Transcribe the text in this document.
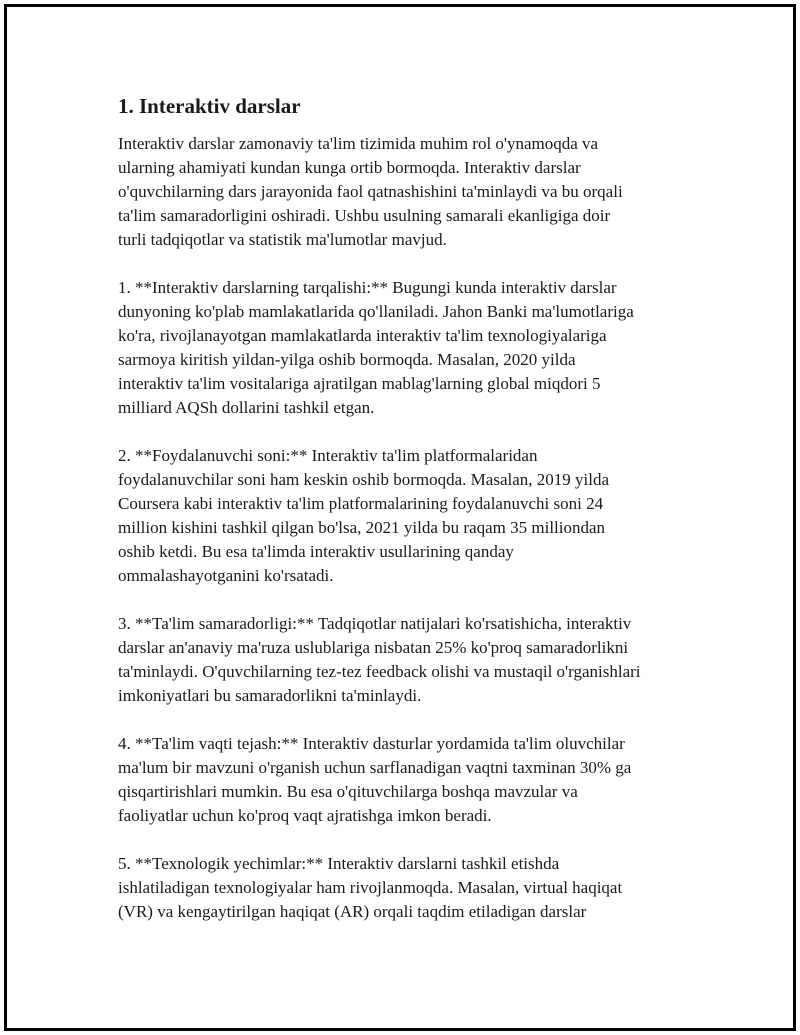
1. Interaktiv darslar

Interaktiv darslar zamonaviy ta'lim tizimida muhim rol o'ynamoqda va
ularning ahamiyati kundan kunga ortib bormoqda. Interaktiv darslar
o'quvchilarning dars jarayonida faol qatnashishini ta'minlaydi va bu orqali
ta'lim samaradorligini oshiradi. Ushbu usulning samarali ekanligiga doir
turli tadqiqotlar va statistik ma'lumotlar mavjud.

1. **Interaktiv darslarning tarqalishi:** Bugungi kunda interaktiv darslar
dunyoning ko'plab mamlakatlarida qo'llaniladi. Jahon Banki ma'lumotlariga
ko'ra, rivojlanayotgan mamlakatlarda interaktiv ta'lim texnologiyalariga
sarmoya kiritish yildan-yilga oshib bormoqda. Masalan, 2020 yilda
interaktiv ta'lim vositalariga ajratilgan mablag'larning global miqdori 5
milliard AQSh dollarini tashkil etgan.

2. **Foydalanuvchi soni:** Interaktiv ta'lim platformalaridan
foydalanuvchilar soni ham keskin oshib bormoqda. Masalan, 2019 yilda
Coursera kabi interaktiv ta'lim platformalarining foydalanuvchi soni 24
million kishini tashkil qilgan bo'lsa, 2021 yilda bu raqam 35 milliondan
oshib ketdi. Bu esa ta'limda interaktiv usullarining qanday
ommalashayotganini ko'rsatadi.

3. **Ta'lim samaradorligi:** Tadqiqotlar natijalari ko'rsatishicha, interaktiv
darslar an'anaviy ma'ruza uslublariga nisbatan 25% ko'proq samaradorlikni
ta'minlaydi. O'quvchilarning tez-tez feedback olishi va mustaqil o'rganishlari
imkoniyatlari bu samaradorlikni ta'minlaydi.

4. **Ta'lim vaqti tejash:** Interaktiv dasturlar yordamida ta'lim oluvchilar
ma'lum bir mavzuni o'rganish uchun sarflanadigan vaqtni taxminan 30% ga
qisqartirishlari mumkin. Bu esa o'qituvchilarga boshqa mavzular va
faoliyatlar uchun ko'proq vaqt ajratishga imkon beradi.

5. **Texnologik yechimlar:** Interaktiv darslarni tashkil etishda
ishlatiladigan texnologiyalar ham rivojlanmoqda. Masalan, virtual haqiqat
(VR) va kengaytirilgan haqiqat (AR) orqali taqdim etiladigan darslar
